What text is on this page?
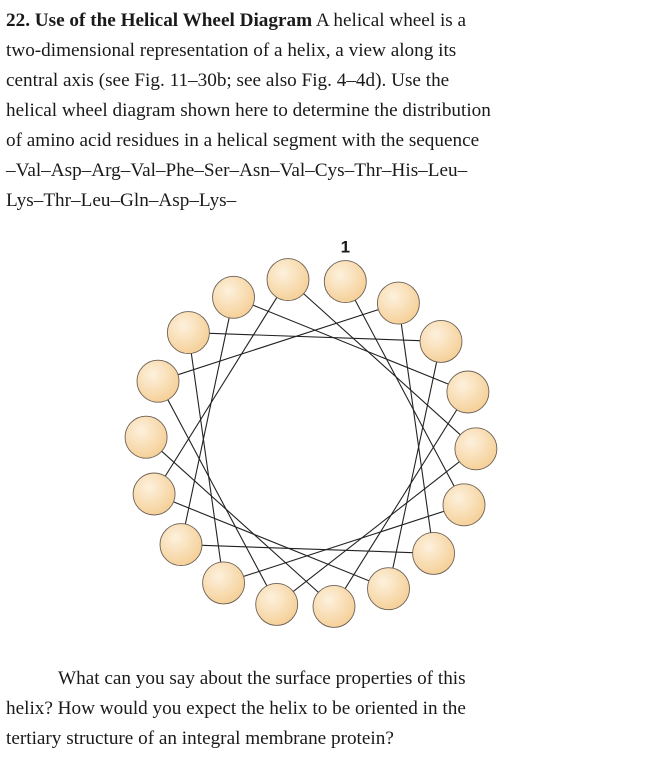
22. Use of the Helical Wheel Diagram A helical wheel is a
two-dimensional representation of a helix, a view along its
central axis (see Fig. 11–30b; see also Fig. 4–4d). Use the
helical wheel diagram shown here to determine the distribution
of amino acid residues in a helical segment with the sequence
–Val–Asp–Arg–Val–Phe–Ser–Asn–Val–Cys–Thr–His–Leu–
Lys–Thr–Leu–Gln–Asp–Lys–
1
What can you say about the surface properties of this
helix? How would you expect the helix to be oriented in the
tertiary structure of an integral membrane protein?
